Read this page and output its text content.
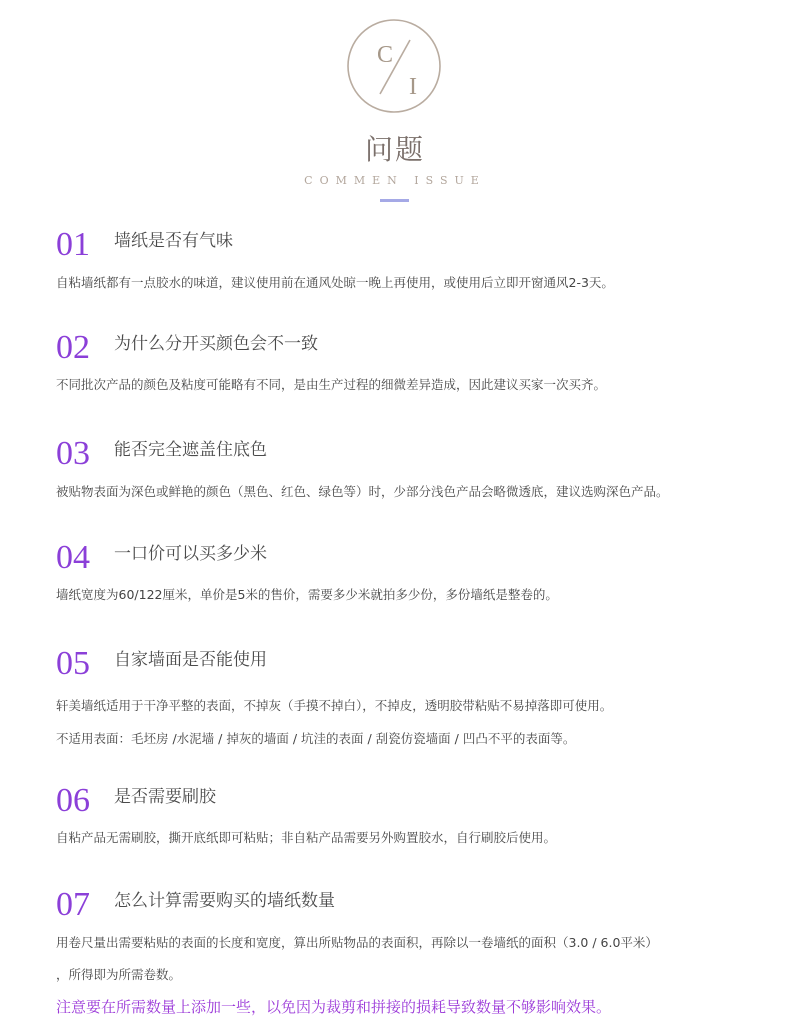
C
I
问题
COMMEN ISSUE
01 墙纸是否有气味
自粘墙纸都有一点胶水的味道，建议使用前在通风处晾一晚上再使用，或使用后立即开窗通风2-3天。
02 为什么分开买颜色会不一致
不同批次产品的颜色及粘度可能略有不同，是由生产过程的细微差异造成，因此建议买家一次买齐。
03 能否完全遮盖住底色
被贴物表面为深色或鲜艳的颜色（黑色、红色、绿色等）时，少部分浅色产品会略微透底，建议选购深色产品。
04 一口价可以买多少米
墙纸宽度为60/122厘米，单价是5米的售价，需要多少米就拍多少份，多份墙纸是整卷的。
05 自家墙面是否能使用
轩美墙纸适用于干净平整的表面，不掉灰（手摸不掉白），不掉皮，透明胶带粘贴不易掉落即可使用。
不适用表面：毛坯房 /水泥墙 / 掉灰的墙面 / 坑洼的表面 / 刮瓷仿瓷墙面 / 凹凸不平的表面等。
06 是否需要刷胶
自粘产品无需刷胶，撕开底纸即可粘贴；非自粘产品需要另外购置胶水，自行刷胶后使用。
07 怎么计算需要购买的墙纸数量
用卷尺量出需要粘贴的表面的长度和宽度，算出所贴物品的表面积，再除以一卷墙纸的面积（3.0 / 6.0平米）
，所得即为所需卷数。
注意要在所需数量上添加一些，以免因为裁剪和拼接的损耗导致数量不够影响效果。
